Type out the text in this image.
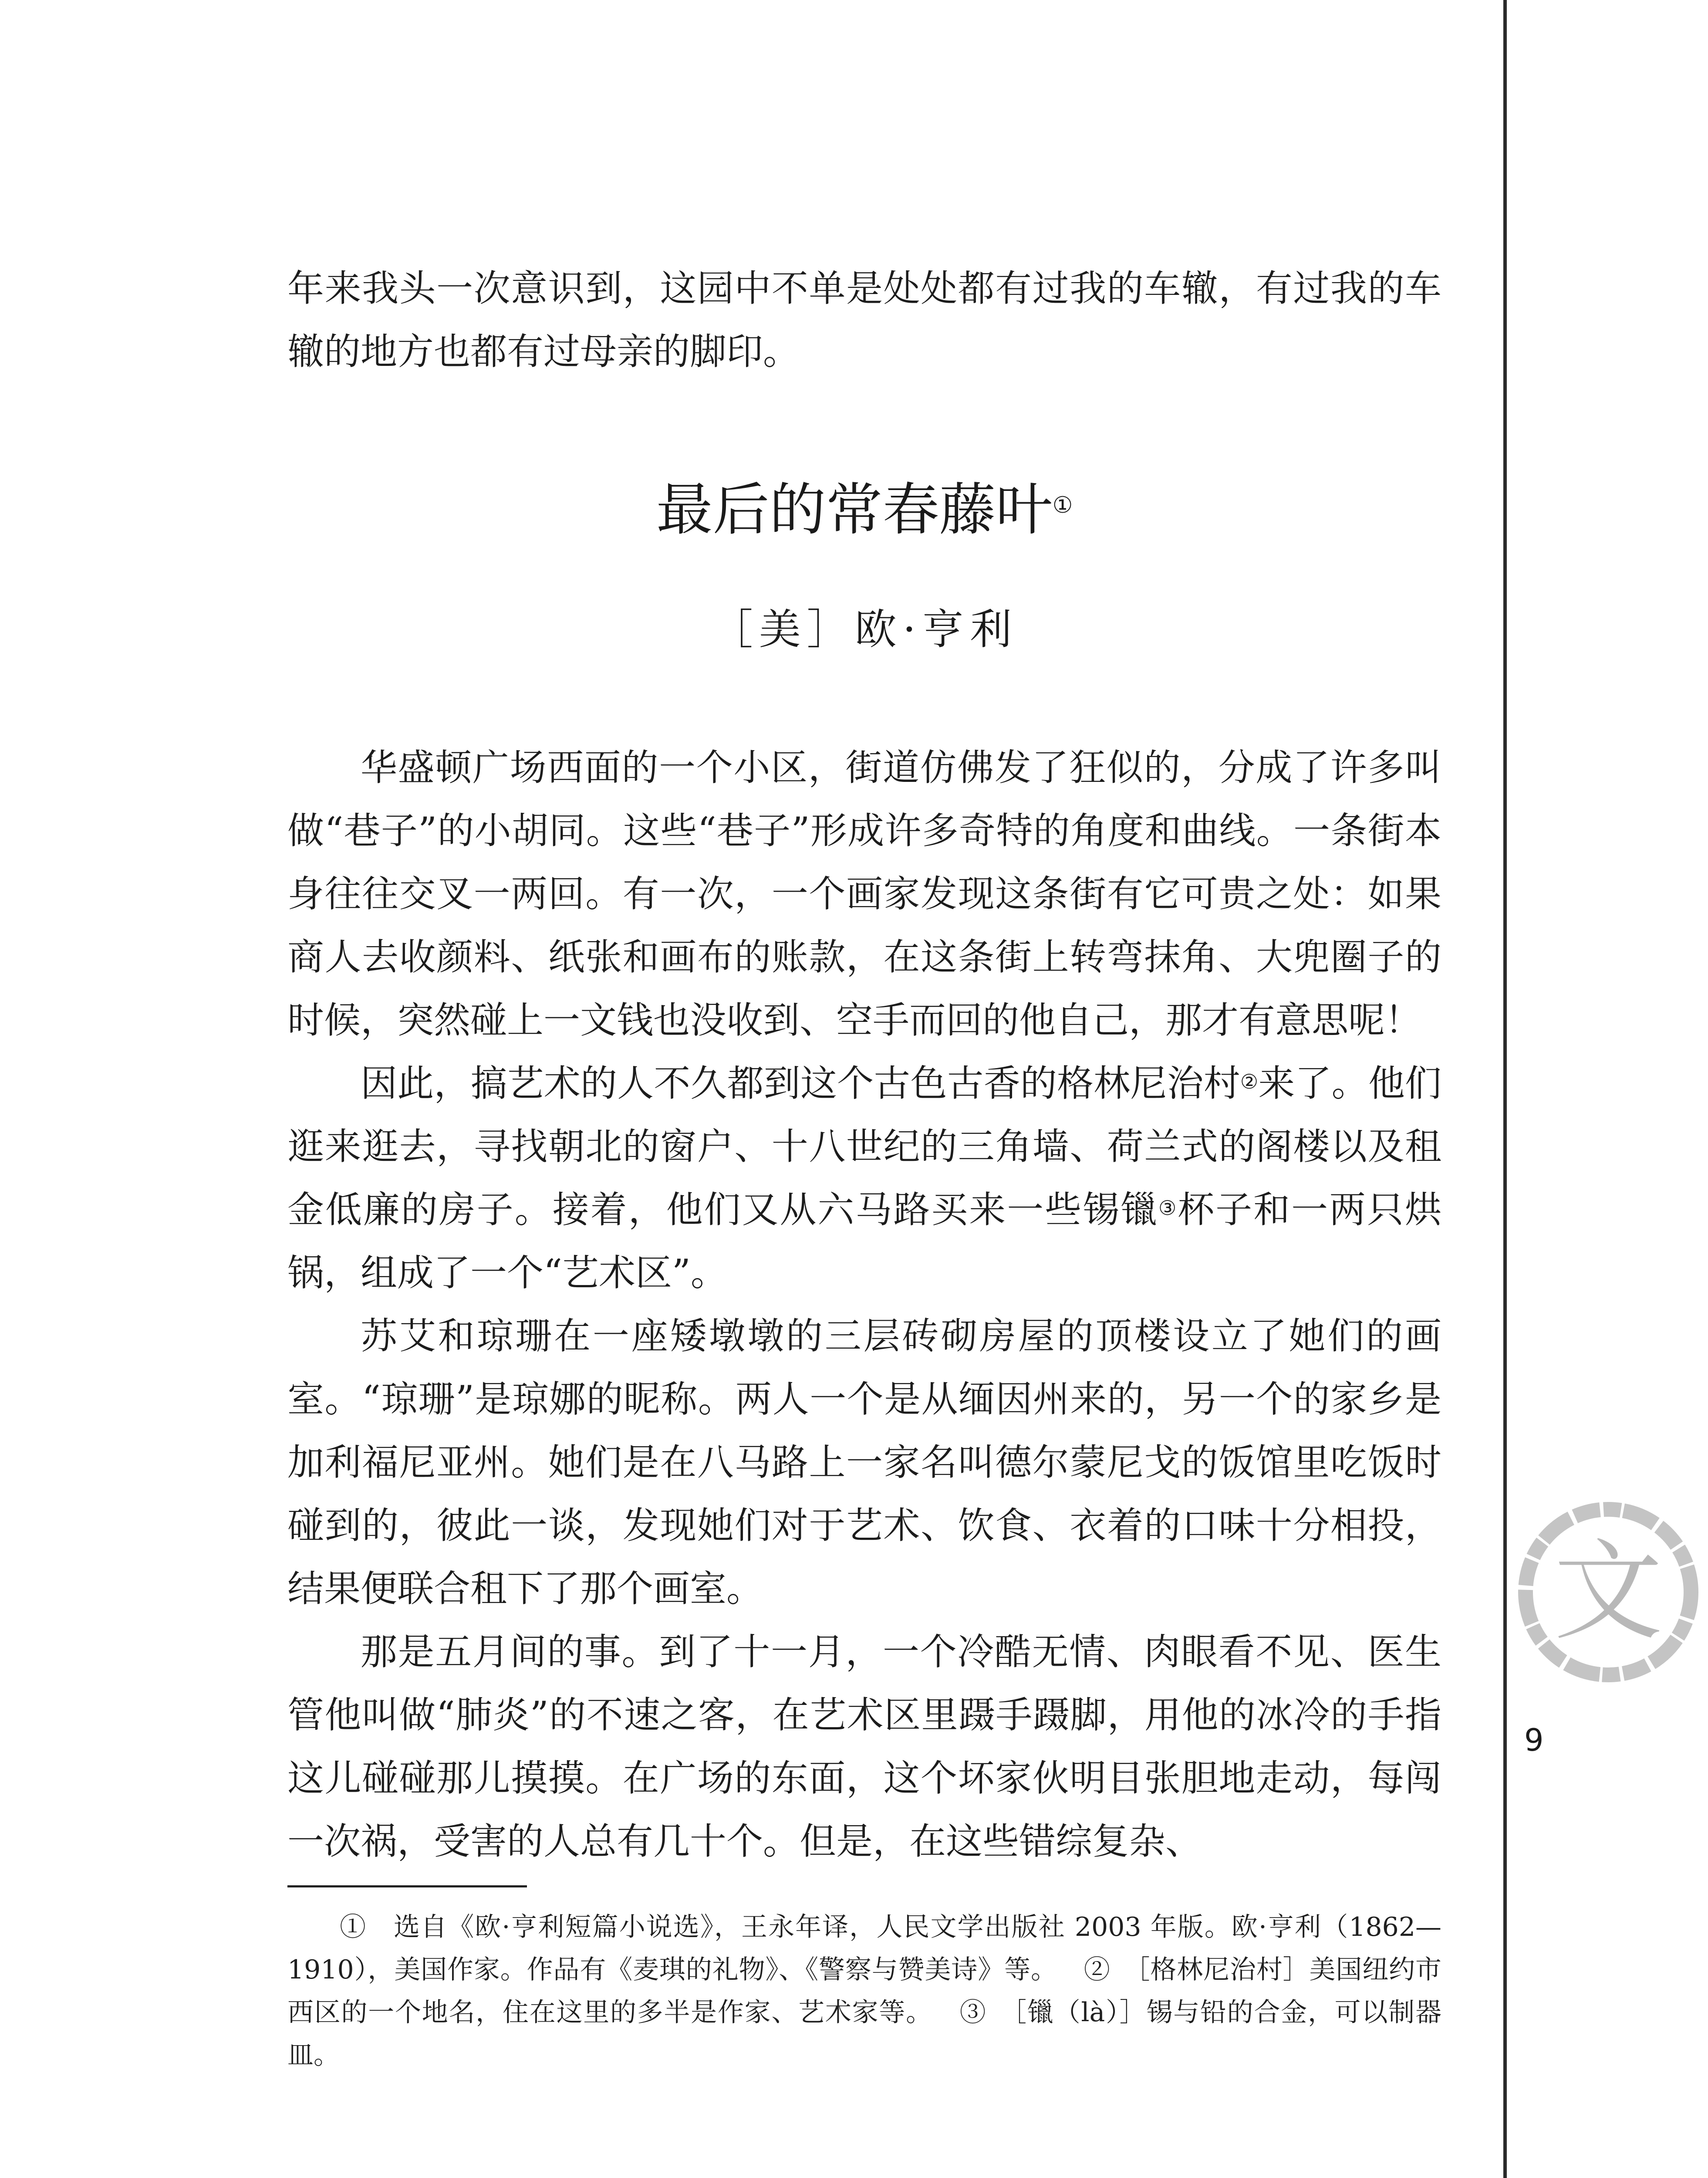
年来我头一次意识到，这园中不单是处处都有过我的车辙，有过我的车辙的地方也都有过母亲的脚印。

最后的常春藤叶①

［美］欧·亨利

华盛顿广场西面的一个小区，街道仿佛发了狂似的，分成了许多叫做“巷子”的小胡同。这些“巷子”形成许多奇特的角度和曲线。一条街本身往往交叉一两回。有一次，一个画家发现这条街有它可贵之处：如果商人去收颜料、纸张和画布的账款，在这条街上转弯抹角、大兜圈子的时候，突然碰上一文钱也没收到、空手而回的他自己，那才有意思呢！

因此，搞艺术的人不久都到这个古色古香的格林尼治村②来了。他们逛来逛去，寻找朝北的窗户、十八世纪的三角墙、荷兰式的阁楼以及租金低廉的房子。接着，他们又从六马路买来一些锡镴③杯子和一两只烘锅，组成了一个“艺术区”。

苏艾和琼珊在一座矮墩墩的三层砖砌房屋的顶楼设立了她们的画室。“琼珊”是琼娜的昵称。两人一个是从缅因州来的，另一个的家乡是加利福尼亚州。她们是在八马路上一家名叫德尔蒙尼戈的饭馆里吃饭时碰到的，彼此一谈，发现她们对于艺术、饮食、衣着的口味十分相投，结果便联合租下了那个画室。

那是五月间的事。到了十一月，一个冷酷无情、肉眼看不见、医生管他叫做“肺炎”的不速之客，在艺术区里蹑手蹑脚，用他的冰冷的手指这儿碰碰那儿摸摸。在广场的东面，这个坏家伙明目张胆地走动，每闯一次祸，受害的人总有几十个。但是，在这些错综复杂、

①　选自《欧·亨利短篇小说选》，王永年译，人民文学出版社 2003 年版。欧·亨利（1862—1910），美国作家。作品有《麦琪的礼物》、《警察与赞美诗》等。 ②　［格林尼治村］美国纽约市西区的一个地名，住在这里的多半是作家、艺术家等。 ③　［镴（là）］锡与铅的合金，可以制器皿。

文
9
